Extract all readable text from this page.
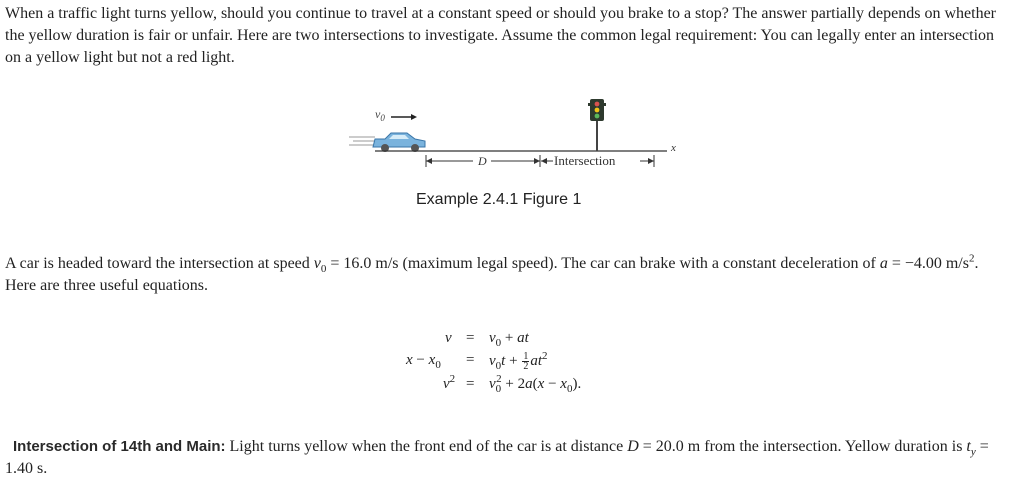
When a traffic light turns yellow, should you continue to travel at a constant speed or should you brake to a stop? The answer partially depends on whether the yellow duration is fair or unfair. Here are two intersections to investigate. Assume the common legal requirement: You can legally enter an intersection on a yellow light but not a red light.
$v_0$
x
D	Intersection
Example 2.4.1 Figure 1
A car is headed toward the intersection at speed $v_0 = 16.0$ m/s (maximum legal speed). The car can brake with a constant deceleration of a = −4.00 $m/s^2$. Here are three useful equations.
$v = v_0$ + at
$x - x_0 = v_0t + \frac{1}{2} at^2$
$v^2 = v_0^2 + 2a(x - x_0)$.
Intersection of 14th and Main: Light turns yellow when the front end of the car is at distance D = 20.0 m from the intersection. Yellow duration is $t_y = 1.40$ s.
